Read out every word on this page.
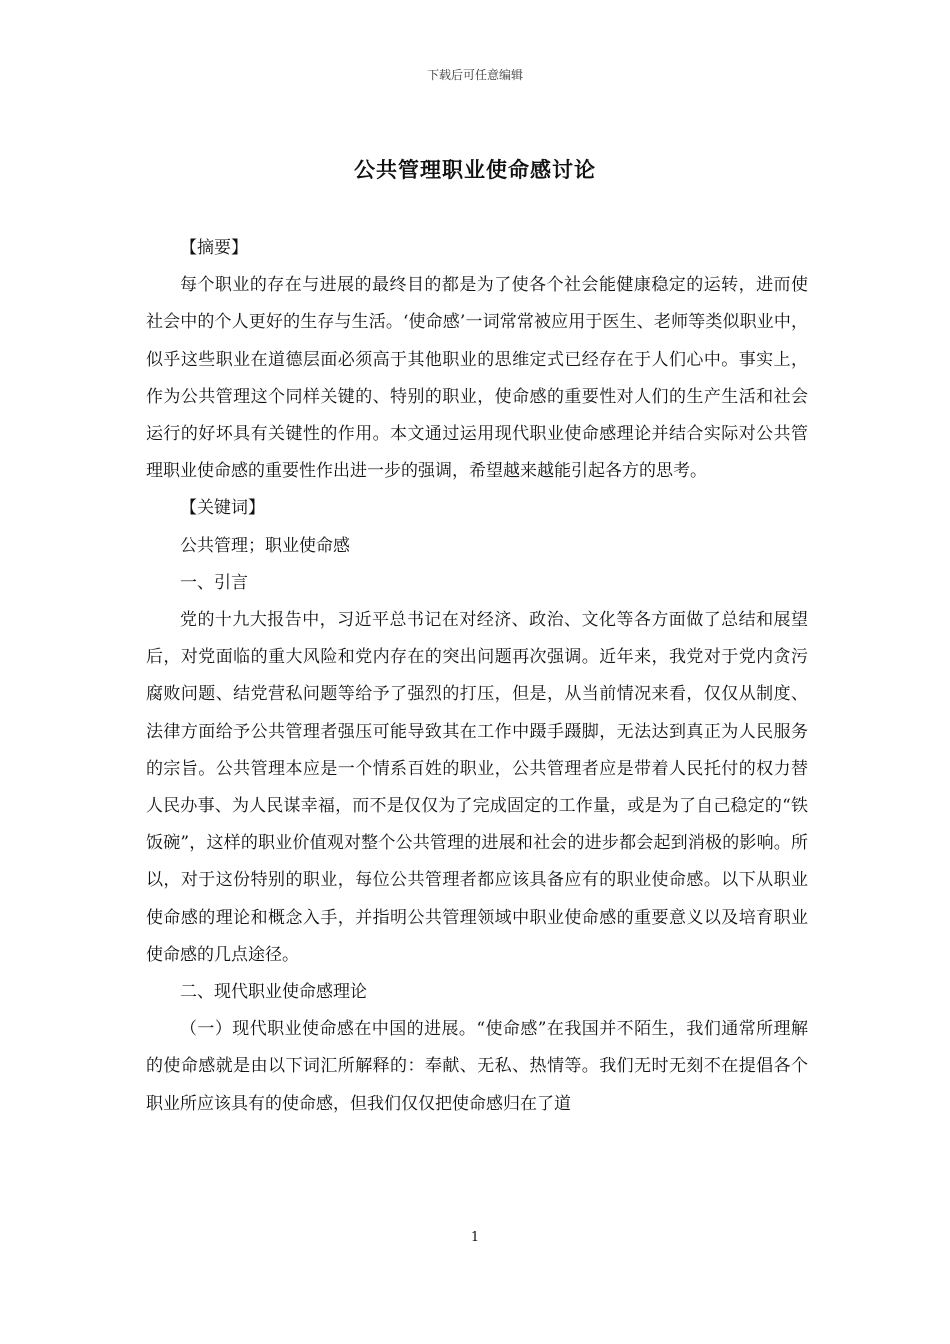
下载后可任意编辑
公共管理职业使命感讨论

【摘要】

每个职业的存在与进展的最终目的都是为了使各个社会能健康稳定的运转，进而使社会中的个人更好的生存与生活。‘使命感’一词常常被应用于医生、老师等类似职业中，似乎这些职业在道德层面必须高于其他职业的思维定式已经存在于人们心中。事实上，作为公共管理这个同样关键的、特别的职业，使命感的重要性对人们的生产生活和社会运行的好坏具有关键性的作用。本文通过运用现代职业使命感理论并结合实际对公共管理职业使命感的重要性作出进一步的强调，希望越来越能引起各方的思考。

【关键词】

公共管理；职业使命感

一、引言

党的十九大报告中，习近平总书记在对经济、政治、文化等各方面做了总结和展望后，对党面临的重大风险和党内存在的突出问题再次强调。近年来，我党对于党内贪污腐败问题、结党营私问题等给予了强烈的打压，但是，从当前情况来看，仅仅从制度、法律方面给予公共管理者强压可能导致其在工作中蹑手蹑脚，无法达到真正为人民服务的宗旨。公共管理本应是一个情系百姓的职业，公共管理者应是带着人民托付的权力替人民办事、为人民谋幸福，而不是仅仅为了完成固定的工作量，或是为了自己稳定的“铁饭碗”，这样的职业价值观对整个公共管理的进展和社会的进步都会起到消极的影响。所以，对于这份特别的职业，每位公共管理者都应该具备应有的职业使命感。以下从职业使命感的理论和概念入手，并指明公共管理领域中职业使命感的重要意义以及培育职业使命感的几点途径。

二、现代职业使命感理论

（一）现代职业使命感在中国的进展。“使命感”在我国并不陌生，我们通常所理解的使命感就是由以下词汇所解释的：奉献、无私、热情等。我们无时无刻不在提倡各个职业所应该具有的使命感，但我们仅仅把使命感归在了道

1
